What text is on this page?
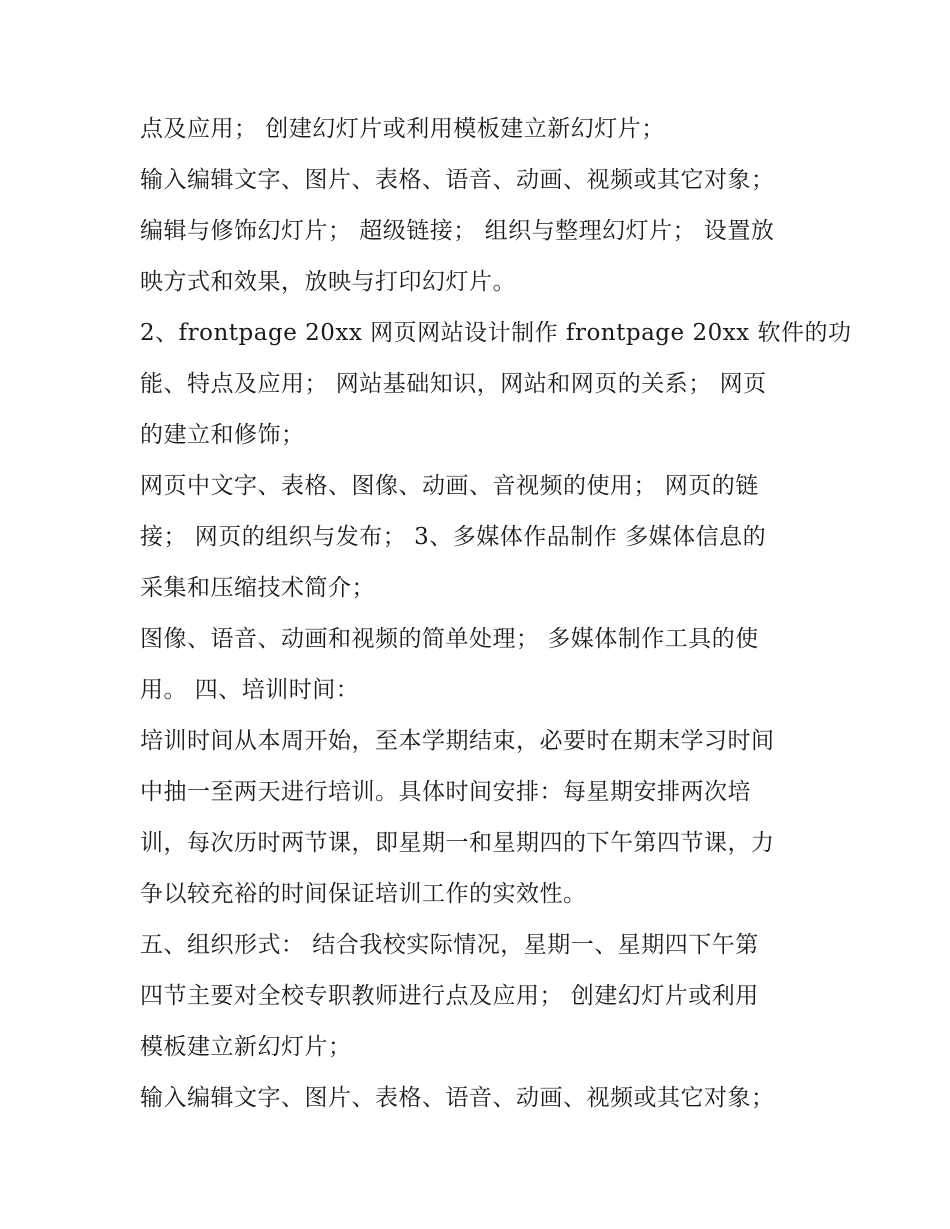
点及应用； 创建幻灯片或利用模板建立新幻灯片；
输入编辑文字、图片、表格、语音、动画、视频或其它对象；
编辑与修饰幻灯片； 超级链接； 组织与整理幻灯片； 设置放
映方式和效果，放映与打印幻灯片。
2、frontpage 20xx 网页网站设计制作 frontpage 20xx 软件的功
能、特点及应用； 网站基础知识，网站和网页的关系； 网页
的建立和修饰；
网页中文字、表格、图像、动画、音视频的使用； 网页的链
接； 网页的组织与发布； 3、多媒体作品制作 多媒体信息的
采集和压缩技术简介；
图像、语音、动画和视频的简单处理； 多媒体制作工具的使
用。 四、培训时间：
培训时间从本周开始，至本学期结束，必要时在期末学习时间
中抽一至两天进行培训。具体时间安排：每星期安排两次培
训，每次历时两节课，即星期一和星期四的下午第四节课，力
争以较充裕的时间保证培训工作的实效性。
五、组织形式： 结合我校实际情况，星期一、星期四下午第
四节主要对全校专职教师进行点及应用； 创建幻灯片或利用
模板建立新幻灯片；
输入编辑文字、图片、表格、语音、动画、视频或其它对象；
